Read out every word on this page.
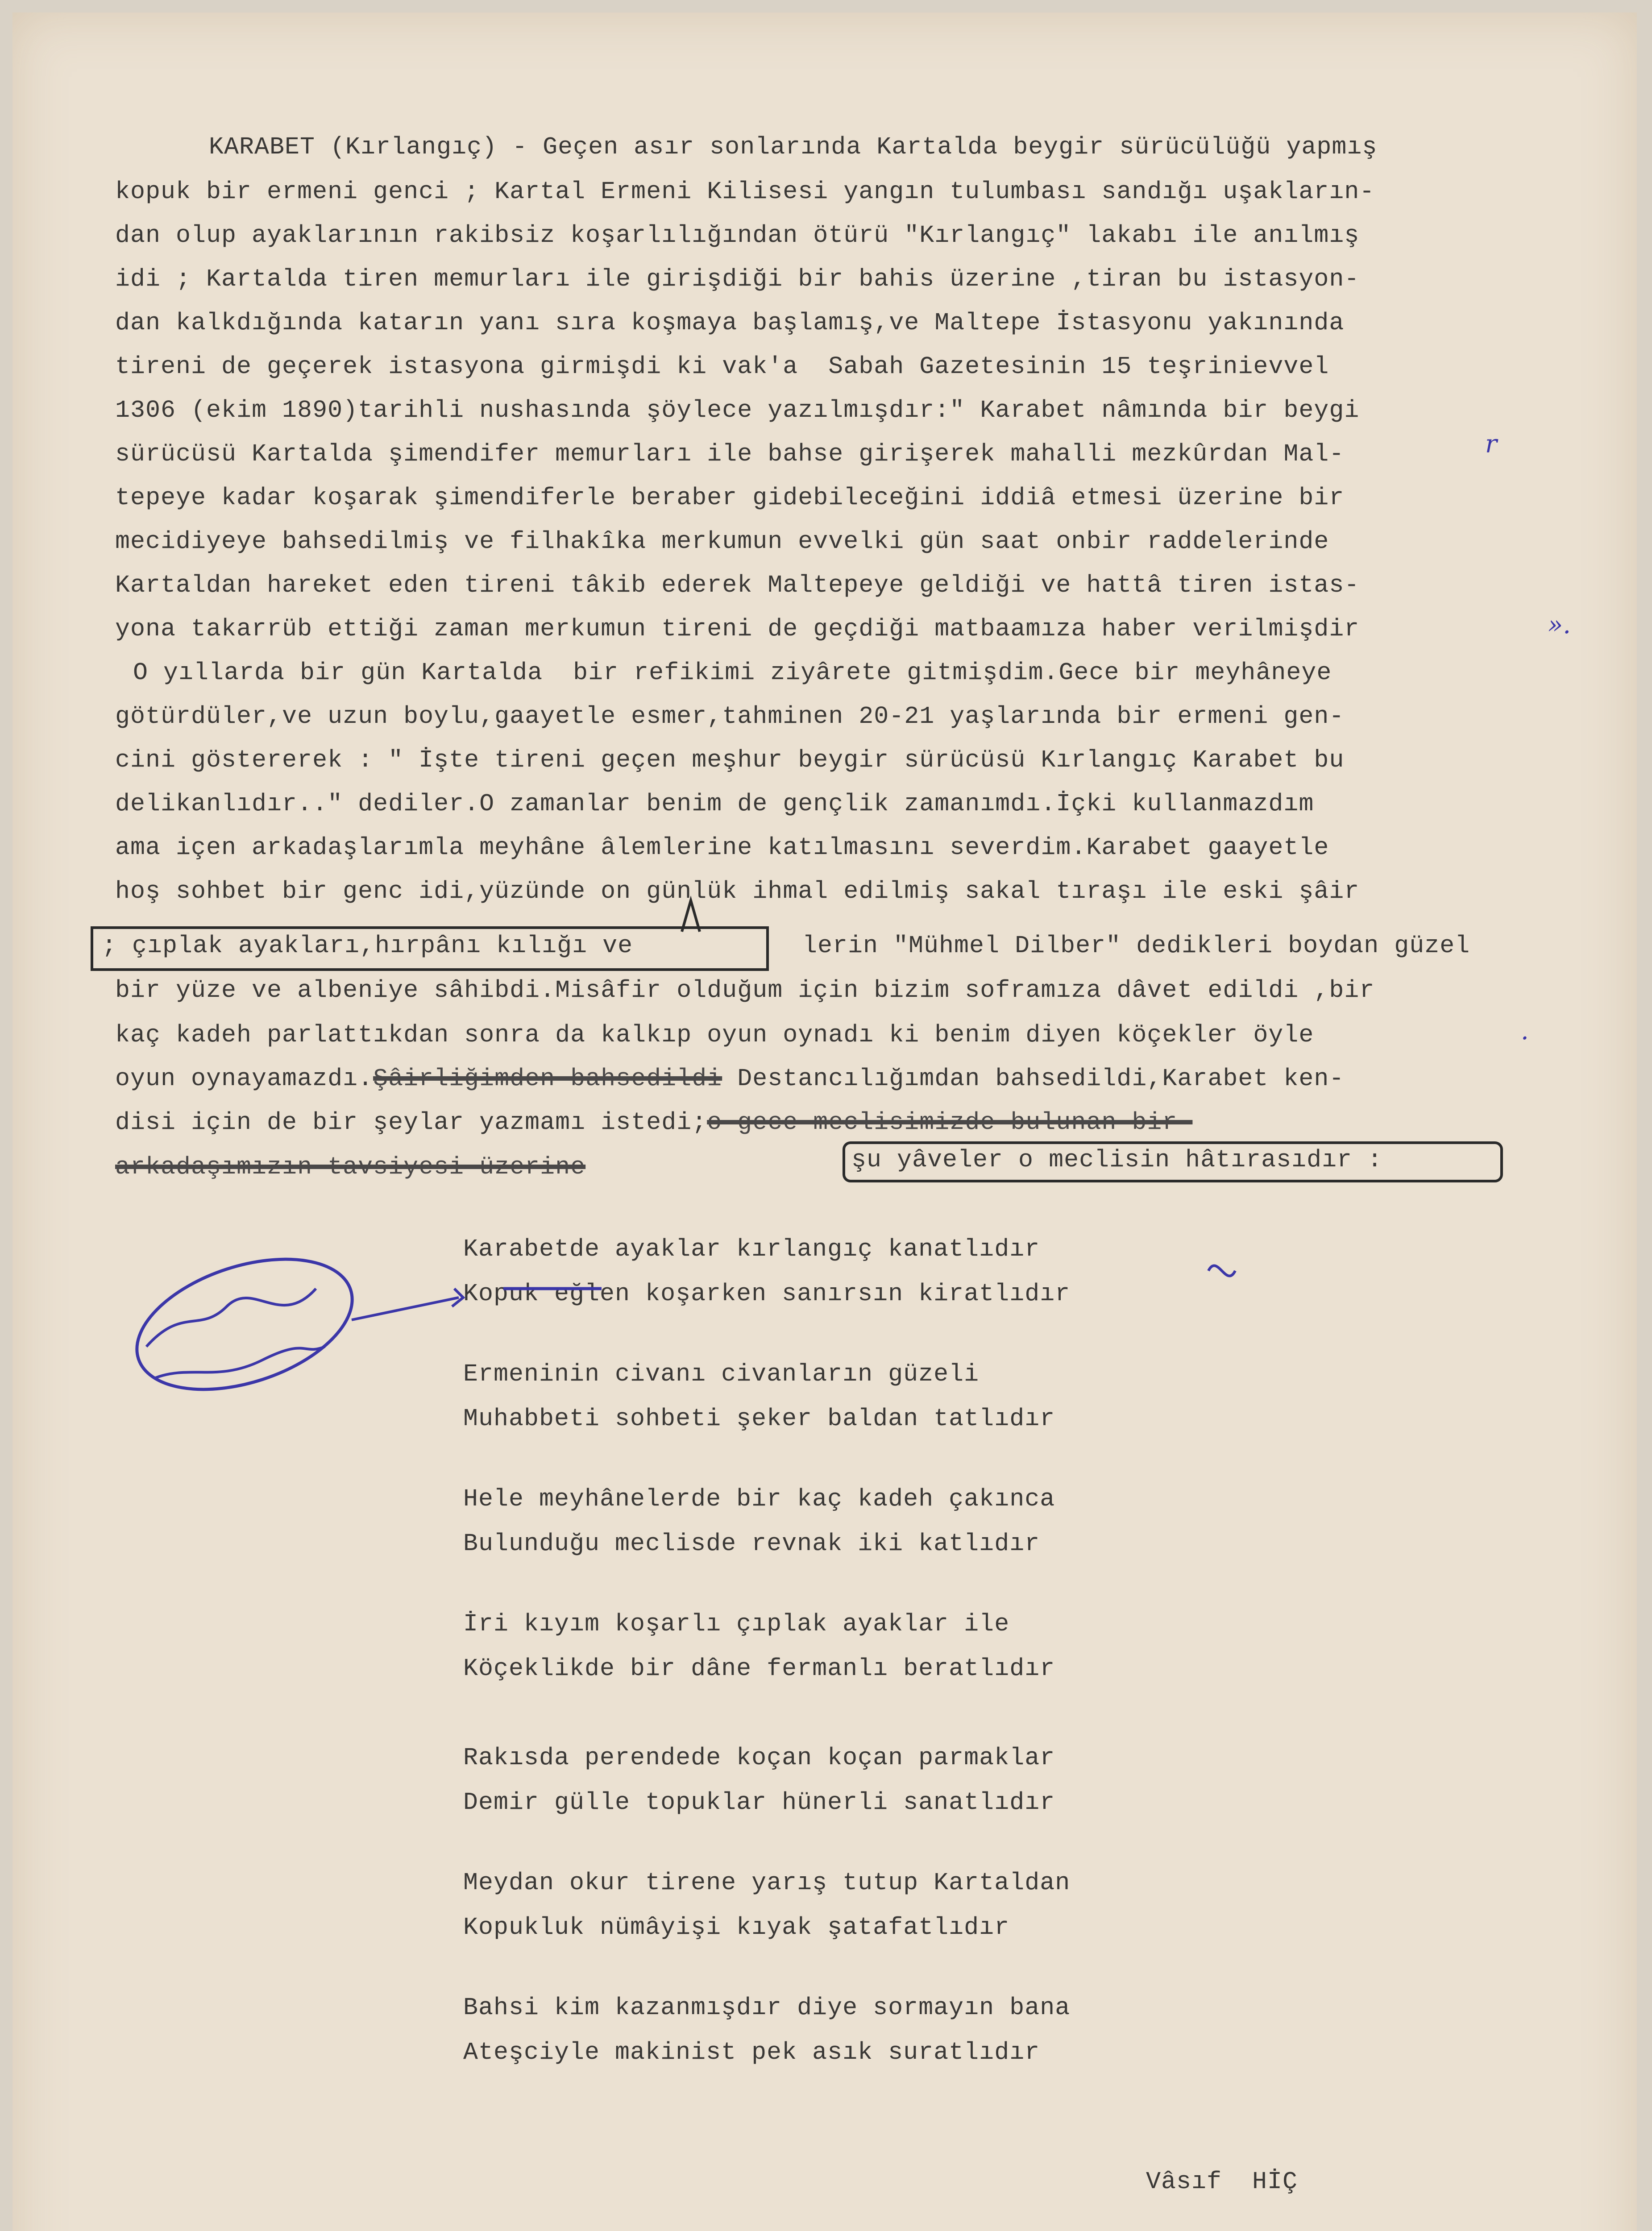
KARABET (Kırlangıç) - Geçen asır sonlarında Kartalda beygir sürücülüğü yapmış
kopuk bir ermeni genci ; Kartal Ermeni Kilisesi yangın tulumbası sandığı uşakların-
dan olup ayaklarının rakibsiz koşarlılığından ötürü "Kırlangıç" lakabı ile anılmış
idi ; Kartalda tiren memurları ile girişdiği bir bahis üzerine ,tiran bu istasyon-
dan kalkdığında katarın yanı sıra koşmaya başlamış,ve Maltepe İstasyonu yakınında
tireni de geçerek istasyona girmişdi ki vak'a  Sabah Gazetesinin 15 teşrinievvel
1306 (ekim 1890)tarihli nushasında şöylece yazılmışdır:" Karabet nâmında bir beygi
sürücüsü Kartalda şimendifer memurları ile bahse girişerek mahalli mezkûrdan Mal-
tepeye kadar koşarak şimendiferle beraber gidebileceğini iddiâ etmesi üzerine bir
mecidiyeye bahsedilmiş ve filhakîka merkumun evvelki gün saat onbir raddelerinde
Kartaldan hareket eden tireni tâkib ederek Maltepeye geldiği ve hattâ tiren istas-
yona takarrüb ettiği zaman merkumun tireni de geçdiği matbaamıza haber verilmişdir
O yıllarda bir gün Kartalda  bir refikimi ziyârete gitmişdim.Gece bir meyhâneye
götürdüler,ve uzun boylu,gaayetle esmer,tahminen 20-21 yaşlarında bir ermeni gen-
cini göstererek : " İşte tireni geçen meşhur beygir sürücüsü Kırlangıç Karabet bu
delikanlıdır.." dediler.O zamanlar benim de gençlik zamanımdı.İçki kullanmazdım
ama içen arkadaşlarımla meyhâne âlemlerine katılmasını severdim.Karabet gaayetle
hoş sohbet bir genc idi,yüzünde on günlük ihmal edilmiş sakal tıraşı ile eski şâir
; çıplak ayakları,hırpânı kılığı ve	lerin "Mühmel Dilber" dedikleri boydan güzel
bir yüze ve albeniye sâhibdi.Misâfir olduğum için bizim soframıza dâvet edildi ,bir
kaç kadeh parlattıkdan sonra da kalkıp oyun oynadı ki benim diyen köçekler öyle
oyun oynayamazdı.Şâirliğimden bahsedildi Destancılığımdan bahsedildi,Karabet ken-
disi için de bir şeylar yazmamı istedi;o gece meclisimizde bulunan bir
arkadaşımızın tavsiyesi üzerine	şu yâveler o meclisin hâtırasıdır :
Karabetde ayaklar kırlangıç kanatlıdır
Kopuk eğlen koşarken sanırsın kiratlıdır
Ermeninin civanı civanların güzeli
Muhabbeti sohbeti şeker baldan tatlıdır
Hele meyhânelerde bir kaç kadeh çakınca
Bulunduğu meclisde revnak iki katlıdır
İri kıyım koşarlı çıplak ayaklar ile
Köçeklikde bir dâne fermanlı beratlıdır
Rakısda perendede koçan koçan parmaklar
Demir gülle topuklar hünerli sanatlıdır
Meydan okur tirene yarış tutup Kartaldan
Kopukluk nümâyişi kıyak şatafatlıdır
Bahsi kim kazanmışdır diye sormayın bana
Ateşciyle makinist pek asık suratlıdır
Vâsıf  HİÇ
r
».
.
